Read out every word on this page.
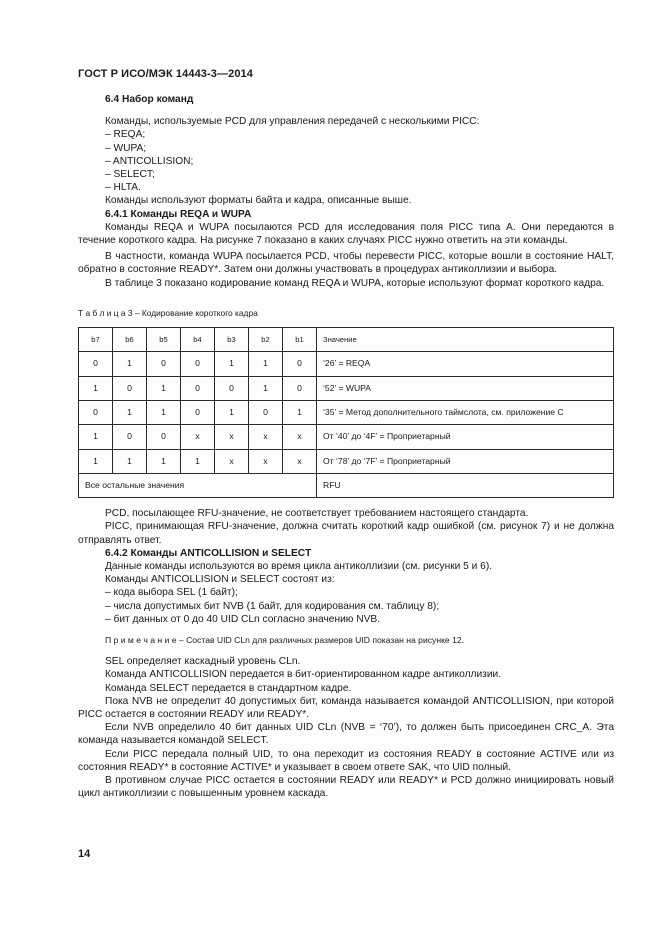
ГОСТ Р ИСО/МЭК 14443-3—2014

6.4 Набор команд

Команды, используемые PCD для управления передачей с несколькими PICC:

– REQA;

– WUPA;

– ANTICOLLISION;

– SELECT;

– HLTA.

Команды используют форматы байта и кадра, описанные выше.

6.4.1 Команды REQA и WUPA

Команды REQA и WUPA посылаются PCD для исследования поля PICC типа А. Они передаются в течение короткого кадра. На рисунке 7 показано в каких случаях PICC нужно ответить на эти команды.

В частности, команда WUPA посылается PCD, чтобы перевести PICC, которые вошли в состояние HALT, обратно в состояние READY*. Затем они должны участвовать в процедурах антиколлизии и выбора.

В таблице 3 показано кодирование команд REQA и WUPA, которые используют формат короткого кадра.

Т а б л и ц а 3 – Кодирование короткого кадра

b7	b6	b5	b4	b3	b2	b1	Значение
0	1	0	0	1	1	0	‘26’ = REQA
1	0	1	0	0	1	0	‘52’ = WUPA
0	1	1	0	1	0	1	‘35’ = Метод дополнительного таймслота, см. приложение С
1	0	0	x	x	x	x	От ‘40’ до ‘4F’ = Проприетарный
1	1	1	1	x	x	x	От ‘78’ до ‘7F’ = Проприетарный
Все остальные значения							RFU

PCD, посылающее RFU-значение, не соответствует требованием настоящего стандарта.

PICC, принимающая RFU-значение, должна считать короткий кадр ошибкой (см. рисунок 7) и не должна отправлять ответ.

6.4.2 Команды ANTICOLLISION и SELECT

Данные команды используются во время цикла антиколлизии (см. рисунки 5 и 6).

Команды ANTICOLLISION и SELECT состоят из:

– кода выбора SEL (1 байт);

– числа допустимых бит NVB (1 байт, для кодирования см. таблицу 8);

– бит данных от 0 до 40 UID CLn согласно значению NVB.

П р и м е ч а н и е – Состав UID CLn для различных размеров UID показан на рисунке 12.

SEL определяет каскадный уровень CLn.

Команда ANTICOLLISION передается в бит-ориентированном кадре антиколлизии.

Команда SELECT передается в стандартном кадре.

Пока NVB не определит 40 допустимых бит, команда называется командой ANTICOLLISION, при которой PICC остается в состоянии READY или READY*.

Если NVB определило 40 бит данных UID CLn (NVB = ‘70’), то должен быть присоединен CRC_A. Эта команда называется командой SELECT.

Если PICC передала полный UID, то она переходит из состояния READY в состояние ACTIVE или из состояния READY* в состояние ACTIVE* и указывает в своем ответе SAK, что UID полный.

В противном случае PICC остается в состоянии READY или READY* и PCD должно инициировать новый цикл антиколлизии с повышенным уровнем каскада.

14
